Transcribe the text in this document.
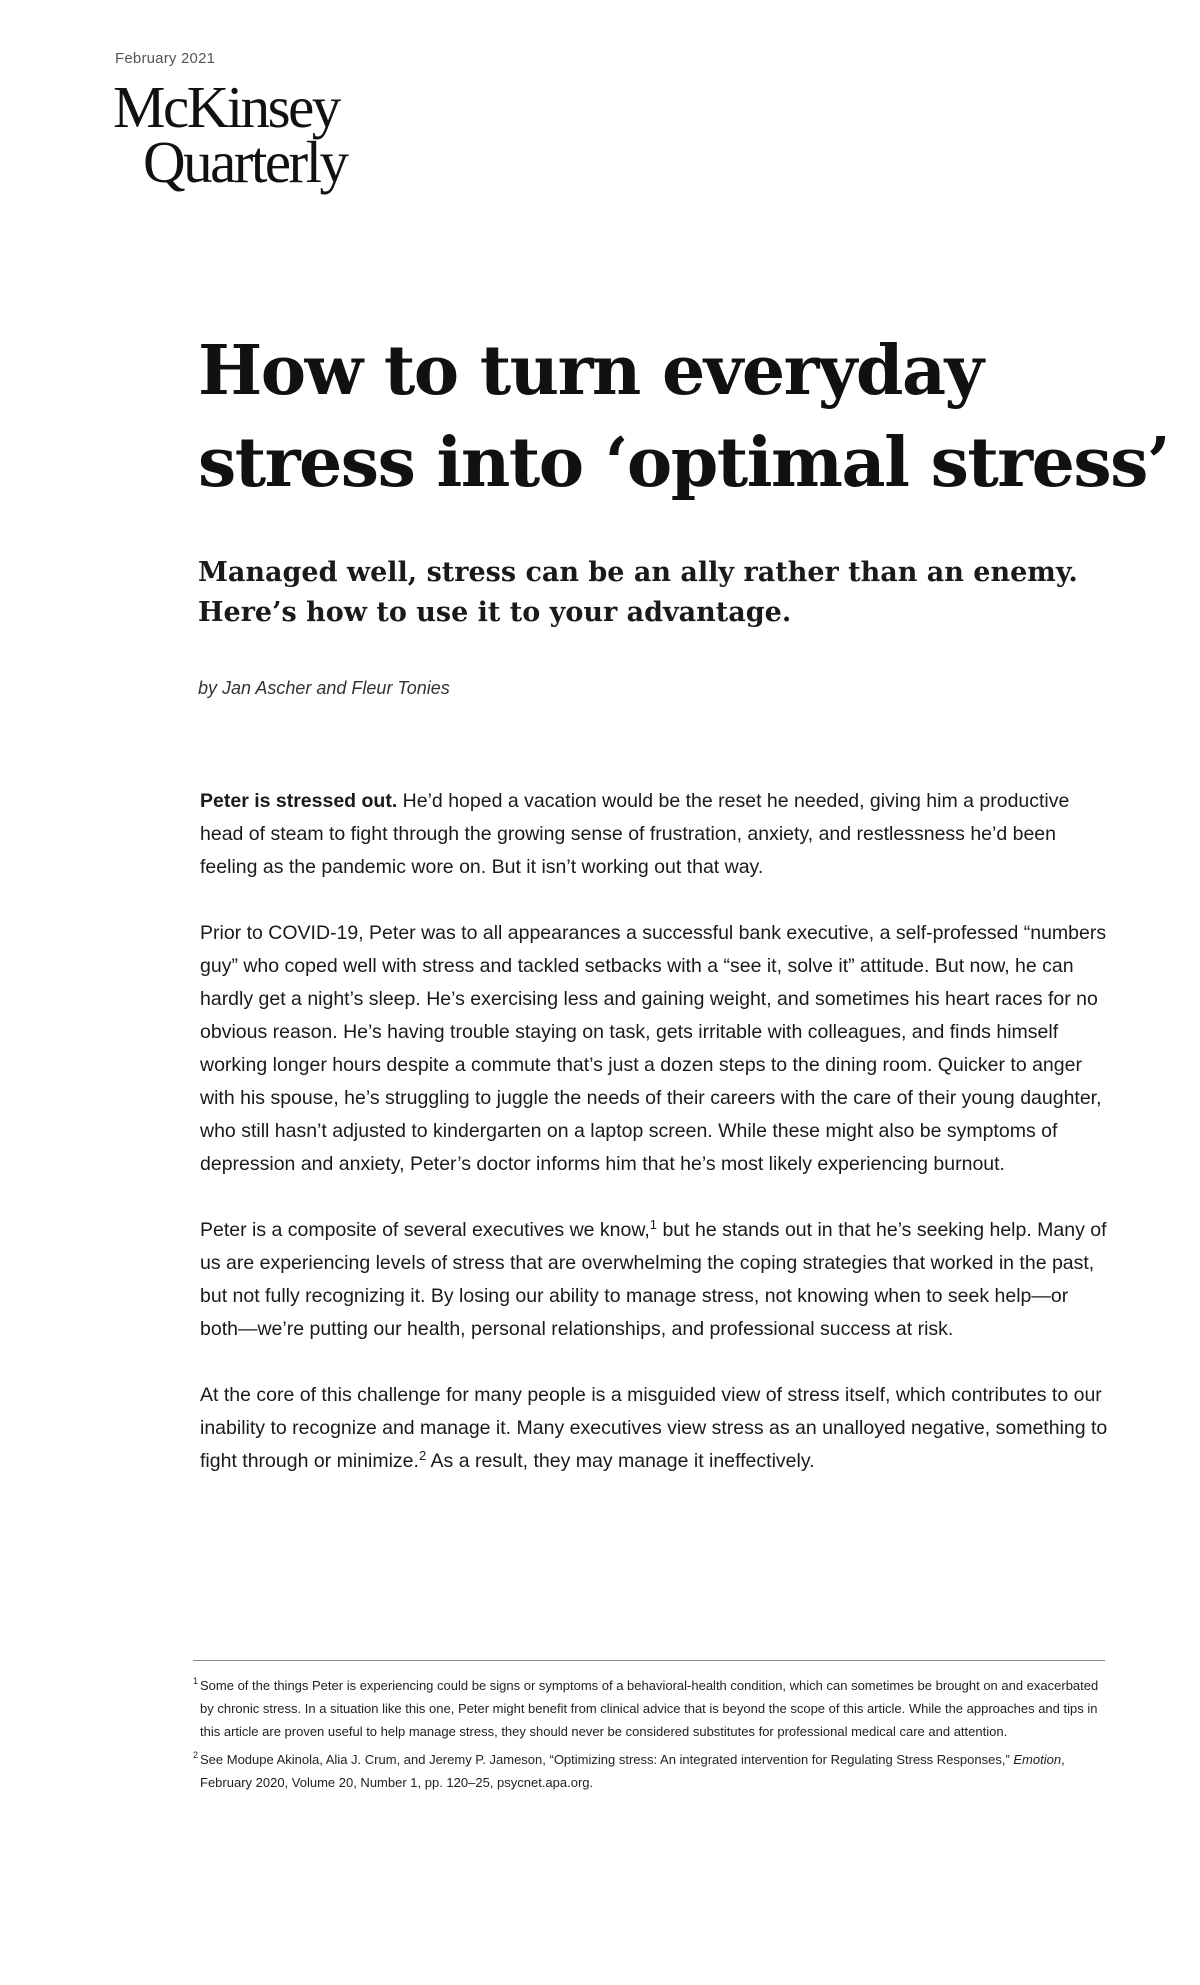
February 2021
McKinsey
Quarterly
How to turn everyday
stress into ‘optimal stress’
Managed well, stress can be an ally rather than an enemy.
Here’s how to use it to your advantage.
by Jan Ascher and Fleur Tonies

Peter is stressed out. He’d hoped a vacation would be the reset he needed, giving him a productive head of steam to fight through the growing sense of frustration, anxiety, and restlessness he’d been feeling as the pandemic wore on. But it isn’t working out that way.

Prior to COVID-19, Peter was to all appearances a successful bank executive, a self-professed “numbers guy” who coped well with stress and tackled setbacks with a “see it, solve it” attitude. But now, he can hardly get a night’s sleep. He’s exercising less and gaining weight, and sometimes his heart races for no obvious reason. He’s having trouble staying on task, gets irritable with colleagues, and finds himself working longer hours despite a commute that’s just a dozen steps to the dining room. Quicker to anger with his spouse, he’s struggling to juggle the needs of their careers with the care of their young daughter, who still hasn’t adjusted to kindergarten on a laptop screen. While these might also be symptoms of depression and anxiety, Peter’s doctor informs him that he’s most likely experiencing burnout.

Peter is a composite of several executives we know,$^1$ but he stands out in that he’s seeking help. Many of us are experiencing levels of stress that are overwhelming the coping strategies that worked in the past, but not fully recognizing it. By losing our ability to manage stress, not knowing when to seek help—or both—we’re putting our health, personal relationships, and professional success at risk.

At the core of this challenge for many people is a misguided view of stress itself, which contributes to our inability to recognize and manage it. Many executives view stress as an unalloyed negative, something to fight through or minimize.$^2$ As a result, they may manage it ineffectively.

1 Some of the things Peter is experiencing could be signs or symptoms of a behavioral-health condition, which can sometimes be brought on and exacerbated by chronic stress. In a situation like this one, Peter might benefit from clinical advice that is beyond the scope of this article. While the approaches and tips in this article are proven useful to help manage stress, they should never be considered substitutes for professional medical care and attention.
2 See Modupe Akinola, Alia J. Crum, and Jeremy P. Jameson, “Optimizing stress: An integrated intervention for Regulating Stress Responses,” Emotion, February 2020, Volume 20, Number 1, pp. 120–25, psycnet.apa.org.
